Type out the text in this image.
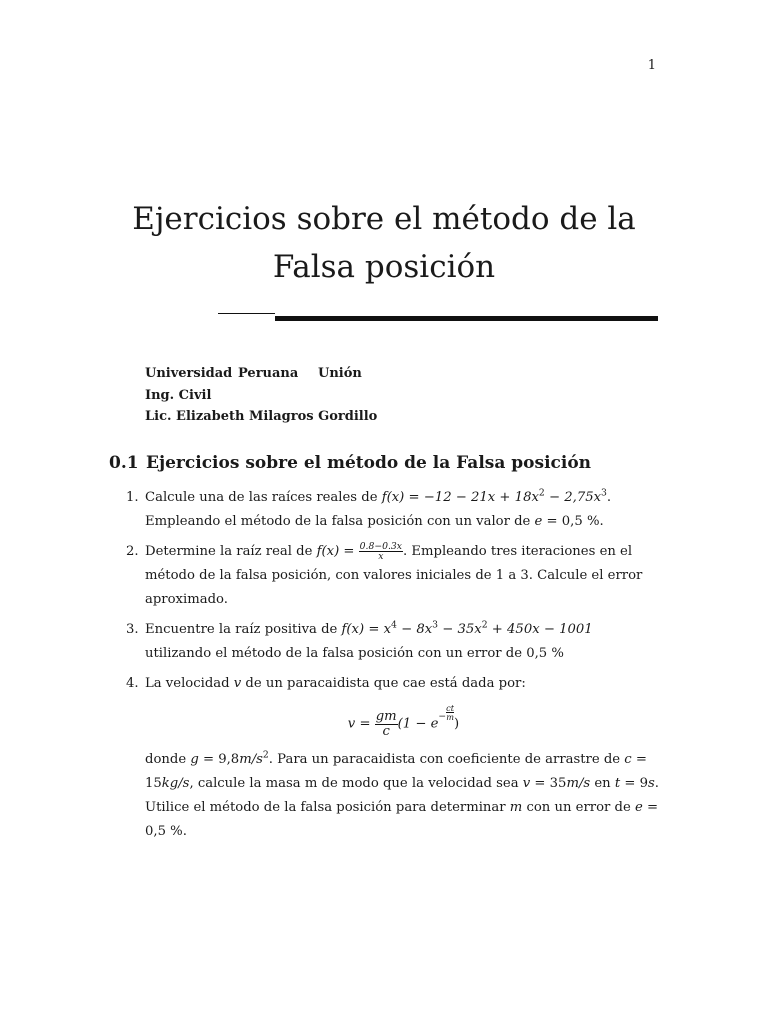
1
Ejercicios sobre el método de la
Falsa posición
Universidad Peruana Unión
Ing. Civil
Lic. Elizabeth Milagros Gordillo
0.1 Ejercicios sobre el método de la Falsa posición
1. Calcule una de las raíces reales de $f(x) = -12 - 21x + 18x^2 - 2,75x^3$. Empleando el método de la falsa posición con un valor de e = 0,5 %.
2. Determine la raíz real de $f(x) = \frac{0.8-0.3x}{x}$ . Empleando tres iteraciones en el método de la falsa posición, con valores iniciales de 1 a 3. Calcule el error aproximado.
3. Encuentre la raíz positiva de $f(x) = x^4 - 8x^3 - 35x^2 + 450x - 1001$ utilizando el método de la falsa posición con un error de 0,5 %
4. La velocidad v de un paracaidista que cae está dada por:
$v = \frac{gm}{c} (1 - e^- \frac{ct}{m}$
)
donde $g = 9,8m/s^2$. Para un paracaidista con coeficiente de arrastre de c = 15kg/s, calcule la masa m de modo que la velocidad sea v = 35m/s en t = 9s. Utilice el método de la falsa posición para determinar m con un error de e = 0,5 %.
